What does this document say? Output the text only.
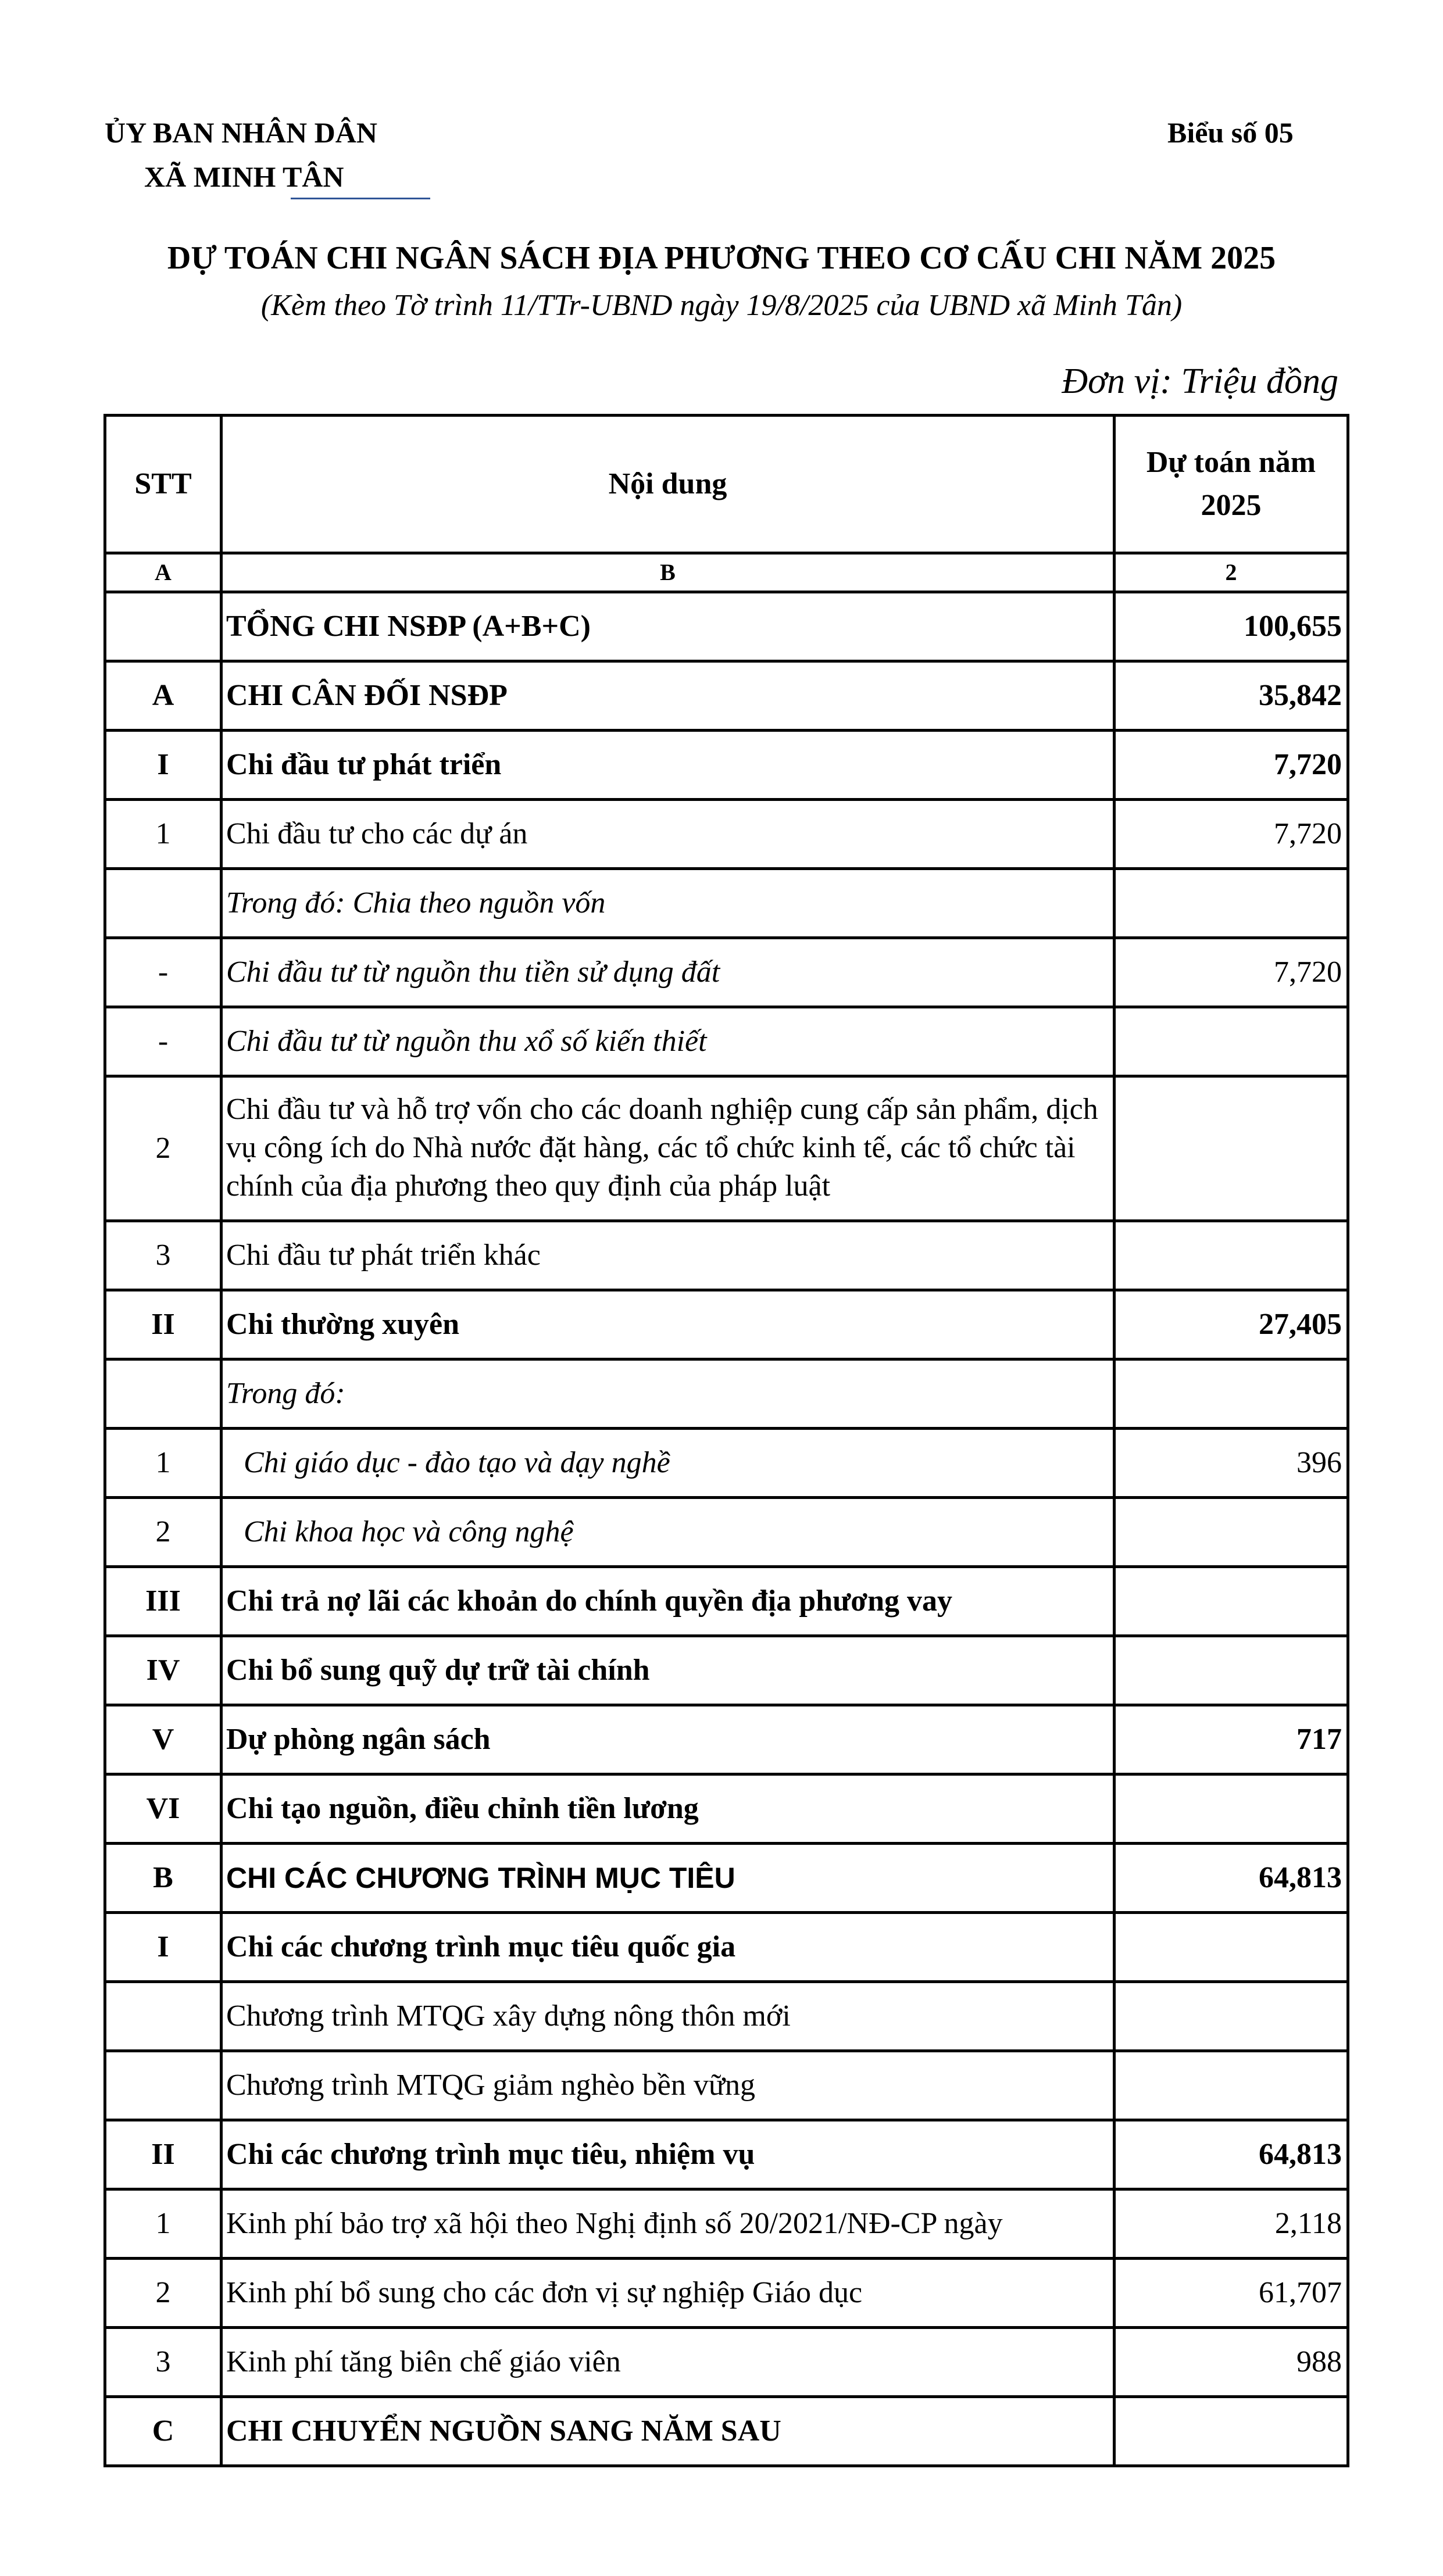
ỦY BAN NHÂN DÂN
XÃ MINH TÂN
Biểu số 05
DỰ TOÁN CHI NGÂN SÁCH ĐỊA PHƯƠNG THEO CƠ CẤU CHI NĂM 2025
(Kèm theo Tờ trình 11/TTr-UBND ngày 19/8/2025 của UBND xã Minh Tân)
Đơn vị: Triệu đồng
STT	Nội dung	Dự toán năm
2025

A	B	2
	TỔNG CHI NSĐP (A+B+C)	100,655
A	CHI CÂN ĐỐI NSĐP	35,842
I	Chi đầu tư phát triển	7,720
1	Chi đầu tư cho các dự án	7,720
	Trong đó: Chia theo nguồn vốn	
-	Chi đầu tư từ nguồn thu tiền sử dụng đất	7,720
-	Chi đầu tư từ nguồn thu xổ số kiến thiết	
2	Chi đầu tư và hỗ trợ vốn cho các doanh nghiệp cung cấp sản phẩm, dịch vụ công ích do Nhà nước đặt hàng, các tổ chức kinh tế, các tổ chức tài chính của địa phương theo quy định của pháp luật	

3	Chi đầu tư phát triển khác	
II	Chi thường xuyên	27,405
	Trong đó:	
1	Chi giáo dục - đào tạo và dạy nghề	396
2	Chi khoa học và công nghệ	
III	Chi trả nợ lãi các khoản do chính quyền địa phương vay	
IV	Chi bổ sung quỹ dự trữ tài chính	
V	Dự phòng ngân sách	717
VI	Chi tạo nguồn, điều chỉnh tiền lương	
B	CHI CÁC CHƯƠNG TRÌNH MỤC TIÊU	64,813
I	Chi các chương trình mục tiêu quốc gia	
	Chương trình MTQG xây dựng nông thôn mới	
	Chương trình MTQG giảm nghèo bền vững	
II	Chi các chương trình mục tiêu, nhiệm vụ	64,813
1	Kinh phí bảo trợ xã hội theo Nghị định số 20/2021/NĐ-CP ngày	2,118
2	Kinh phí bổ sung cho các đơn vị sự nghiệp Giáo dục	61,707
3	Kinh phí tăng biên chế giáo viên	988
C	CHI CHUYỂN NGUỒN SANG NĂM SAU	
